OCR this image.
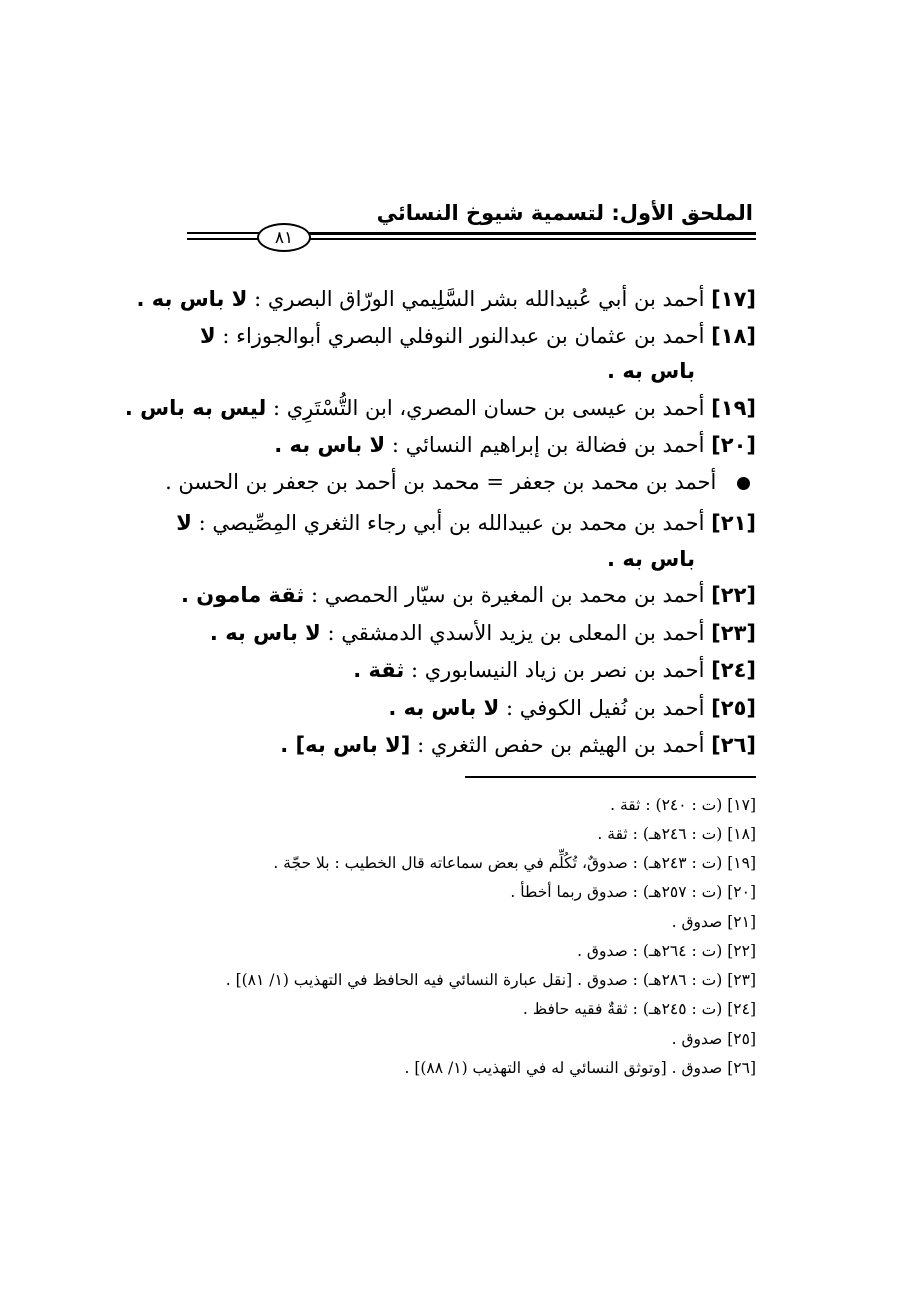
الملحق الأول: لتسمية شيوخ النسائي
٨١
[١٧] أحمد بن أبي عُبيدالله بشر السَّلِيمي الورّاق البصري : لا باس به .
[١٨] أحمد بن عثمان بن عبدالنور النوفلي البصري أبوالجوزاء : لا
باس به .
[١٩] أحمد بن عيسى بن حسان المصري، ابن التُّسْتَرِي : ليس به باس .
[٢٠] أحمد بن فضالة بن إبراهيم النسائي : لا باس به .
أحمد بن محمد بن جعفر = محمد بن أحمد بن جعفر بن الحسن .
[٢١] أحمد بن محمد بن عبيدالله بن أبي رجاء الثغري المِصِّيصي : لا
باس به .
[٢٢] أحمد بن محمد بن المغيرة بن سيّار الحمصي : ثقة مامون .
[٢٣] أحمد بن المعلى بن يزيد الأسدي الدمشقي : لا باس به .
[٢٤] أحمد بن نصر بن زياد النيسابوري : ثقة .
[٢٥] أحمد بن نُفيل الكوفي : لا باس به .
[٢٦] أحمد بن الهيثم بن حفص الثغري : [لا باس به] .
[١٧] (ت : ٢٤٠) : ثقة .
[١٨] (ت : ٢٤٦هـ) : ثقة .
[١٩] (ت : ٢٤٣هـ) : صدوقٌ، تُكُلِّم في بعض سماعاته قال الخطيب : بلا حجّة .
[٢٠] (ت : ٢٥٧هـ) : صدوق ربما أخطأ .
[٢١] صدوق .
[٢٢] (ت : ٢٦٤هـ) : صدوق .
[٢٣] (ت : ٢٨٦هـ) : صدوق . [نقل عبارة النسائي فيه الحافظ في التهذيب (١/ ٨١)] .
[٢٤] (ت : ٢٤٥هـ) : ثقةٌ فقيه حافظ .
[٢٥] صدوق .
[٢٦] صدوق . [وتوثق النسائي له في التهذيب (١/ ٨٨)] .
